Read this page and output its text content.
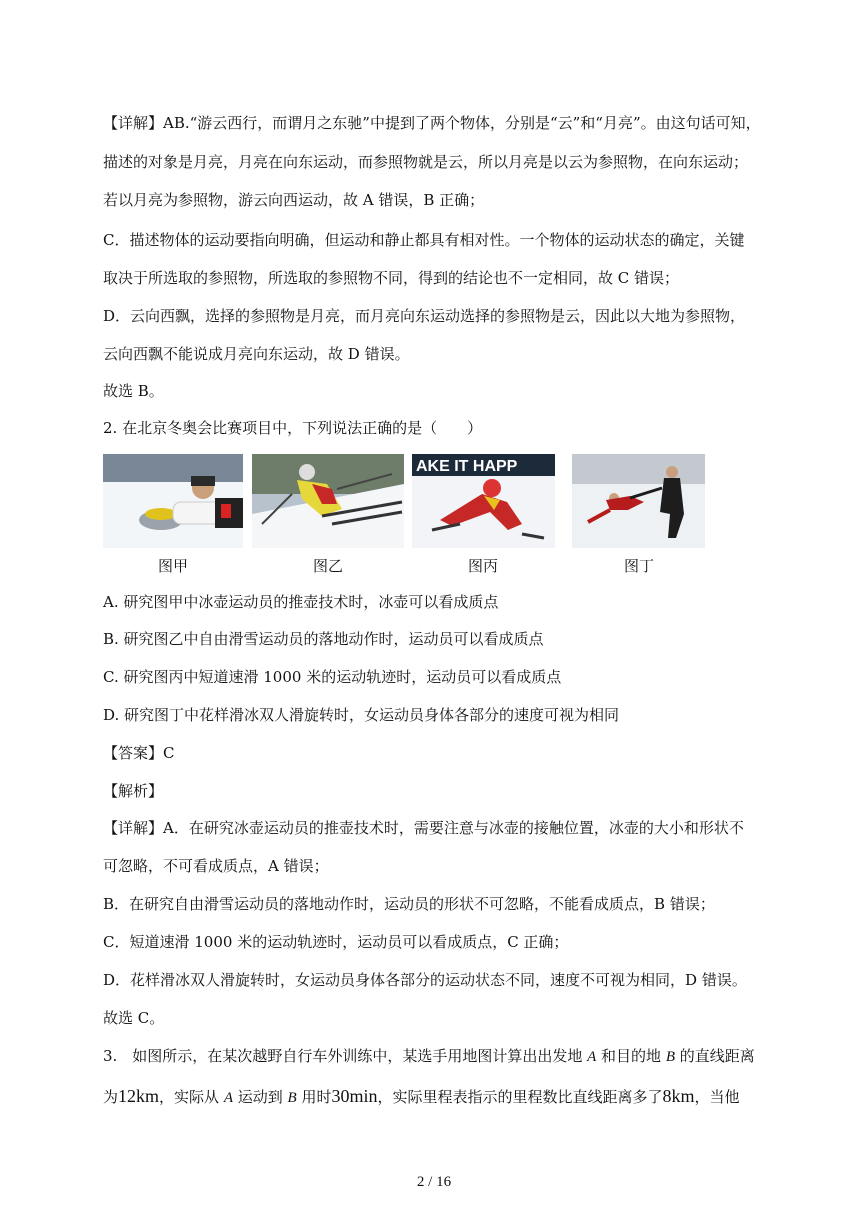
【详解】AB.“游云西行，而谓月之东驰”中提到了两个物体，分别是“云”和“月亮”。由这句话可知，
描述的对象是月亮，月亮在向东运动，而参照物就是云，所以月亮是以云为参照物，在向东运动；
若以月亮为参照物，游云向西运动，故 A 错误，B 正确；
C．描述物体的运动要指向明确，但运动和静止都具有相对性。一个物体的运动状态的确定，关键
取决于所选取的参照物，所选取的参照物不同，得到的结论也不一定相同，故 C 错误；
D．云向西飘，选择的参照物是月亮，而月亮向东运动选择的参照物是云，因此以大地为参照物，
云向西飘不能说成月亮向东运动，故 D 错误。
故选 B。
2. 在北京冬奥会比赛项目中，下列说法正确的是（　　）
AKE IT HAPP
图甲	图乙	图丙	图丁
A. 研究图甲中冰壶运动员的推壶技术时，冰壶可以看成质点
B. 研究图乙中自由滑雪运动员的落地动作时，运动员可以看成质点
C. 研究图丙中短道速滑 1000 米的运动轨迹时，运动员可以看成质点
D. 研究图丁中花样滑冰双人滑旋转时，女运动员身体各部分的速度可视为相同
【答案】C
【解析】
【详解】A．在研究冰壶运动员的推壶技术时，需要注意与冰壶的接触位置，冰壶的大小和形状不
可忽略，不可看成质点，A 错误；
B．在研究自由滑雪运动员的落地动作时，运动员的形状不可忽略，不能看成质点，B 错误；
C．短道速滑 1000 米的运动轨迹时，运动员可以看成质点，C 正确；
D．花样滑冰双人滑旋转时，女运动员身体各部分的运动状态不同，速度不可视为相同，D 错误。
故选 C。
3.　如图所示，在某次越野自行车外训练中，某选手用地图计算出出发地 A 和目的地 B 的直线距离
为12km，实际从 A 运动到 B 用时30min，实际里程表指示的里程数比直线距离多了8km，当他
2 / 16
